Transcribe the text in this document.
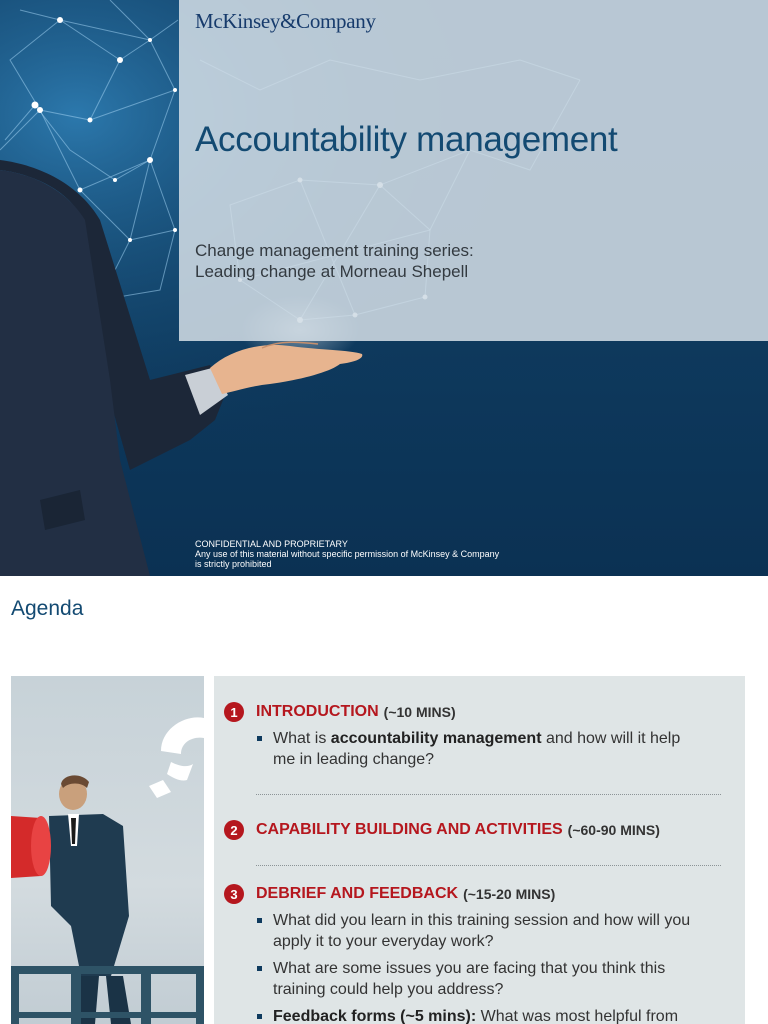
McKinsey&Company
Accountability management
Change management training series:
Leading change at Morneau Shepell
CONFIDENTIAL AND PROPRIETARY
Any use of this material without specific permission of McKinsey & Company
is strictly prohibited
Agenda
1	INTRODUCTION (~10 MINS)
What is accountability management and how will it help me in leading change?
2	CAPABILITY BUILDING AND ACTIVITIES (~60-90 MINS)
3	DEBRIEF AND FEEDBACK (~15-20 MINS)
What did you learn in this training session and how will you apply it to your everyday work?
What are some issues you are facing that you think this training could help you address?
Feedback forms (~5 mins): What was most helpful from
